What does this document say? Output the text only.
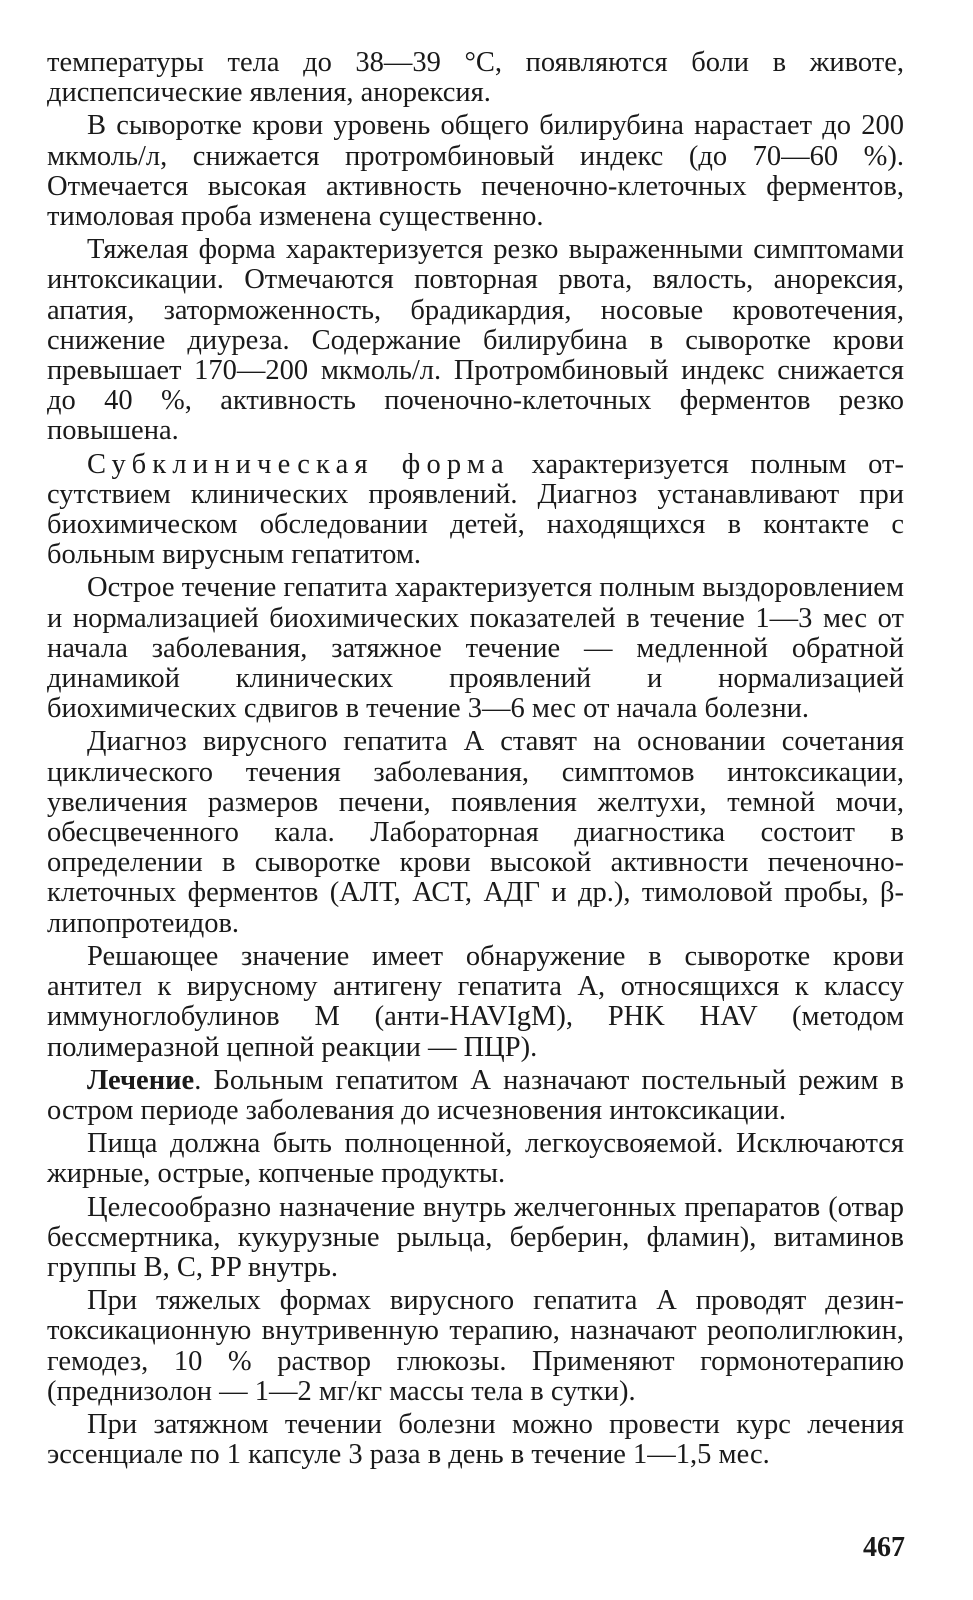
температуры тела до 38—39 °С, появляются боли в животе, диспепсические явления, анорексия.

В сыворотке крови уровень общего билирубина нарастает до 200 мкмоль/л, снижается протромбиновый индекс (до 70—60 %). Отмечается высокая активность печеночно-клеточных ферментов, тимоловая проба изменена существенно.

Тяжелая форма характеризуется резко выраженными симптомами интоксикации. Отмечаются повторная рвота, вялость, анорексия, апатия, заторможенность, брадикардия, носовые кровотечения, снижение диуреза. Содержание билирубина в сыворотке крови превышает 170—200 мкмоль/л. Протромбиновый индекс снижается до 40 %, активность поченочно-клеточных ферментов резко повышена.

Субклиническая форма характеризуется полным отсутствием клинических проявлений. Диагноз устанавливают при биохимическом обследовании детей, находящихся в контакте с больным вирусным гепатитом.

Острое течение гепатита характеризуется полным выздоровлением и нормализацией биохимических показателей в течение 1—3 мес от начала заболевания, затяжное течение — медленной обратной динамикой клинических проявлений и нормализацией биохимических сдвигов в течение 3—6 мес от начала болезни.

Диагноз вирусного гепатита А ставят на основании сочетания циклического течения заболевания, симптомов интоксикации, увеличения размеров печени, появления желтухи, темной мочи, обесцвеченного кала. Лабораторная диагностика состоит в определении в сыворотке крови высокой активности печеночно-клеточных ферментов (АЛТ, АСТ, АДГ и др.), тимоловой пробы, β-липопротеидов.

Решающее значение имеет обнаружение в сыворотке крови антител к вирусному антигену гепатита А, относящихся к классу иммуноглобулинов М (анти-HAVIgM), PHK HAV (методом полимеразной цепной реакции — ПЦР).

Лечение. Больным гепатитом А назначают постельный режим в остром периоде заболевания до исчезновения интоксикации.

Пища должна быть полноценной, легкоусвояемой. Исключаются жирные, острые, копченые продукты.

Целесообразно назначение внутрь желчегонных препаратов (отвар бессмертника, кукурузные рыльца, берберин, фламин), витаминов группы В, С, PP внутрь.

При тяжелых формах вирусного гепатита А проводят дезинтоксикационную внутривенную терапию, назначают реополиглюкин, гемодез, 10 % раствор глюкозы. Применяют гормонотерапию (преднизолон — 1—2 мг/кг массы тела в сутки).

При затяжном течении болезни можно провести курс лечения эссенциале по 1 капсуле 3 раза в день в течение 1—1,5 мес.

467
